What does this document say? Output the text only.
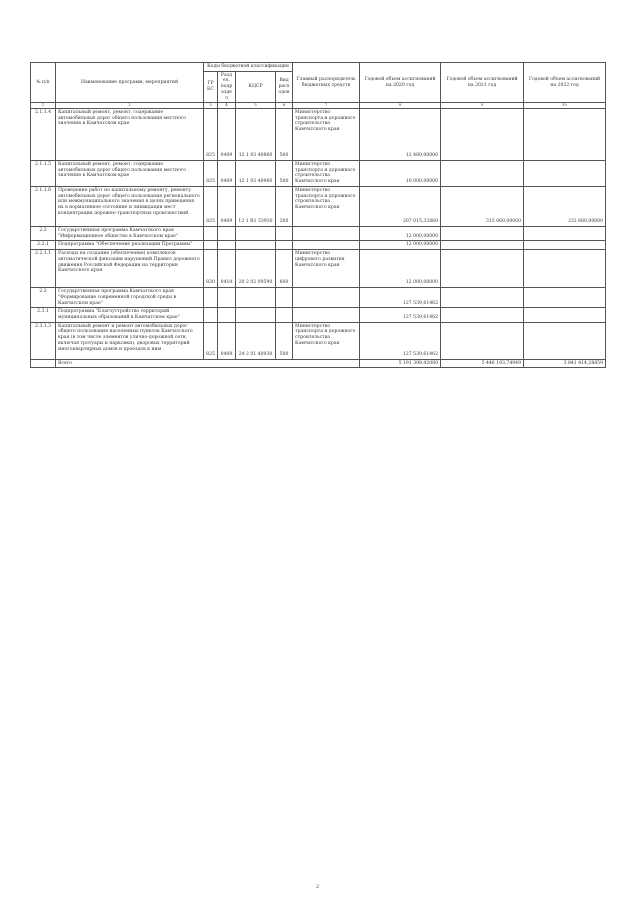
№ п/п	Наименование программ, мероприятий	Коды бюджетной классификации				Главный распорядитель бюджетных средств	Годовой объем ассигнований на 2020 год	Годовой объем ассигнований на 2021 год	Годовой объем ассигнований на 2022 год
		ГРБС	Раздел, подраздел	КЦСР	Вид расходов				
1	2	3	4	5	6	7	8	9	10
2.1.1.4	Капитальный ремонт, ремонт, содержание автомобильных дорог общего пользования местного значения в Камчатском крае	825	0409	12 1 03 40860	500	Министерство транспорта и дорожного строительства Камчатского края	12 480,00000		
2.1.1.5	Капитальный ремонт, ремонт, содержание автомобильных дорог общего пользования местного значения в Камчатском крае	825	0409	12 1 03 40960	500	Министерство транспорта и дорожного строительства Камчатского края	10 000,00000		
2.1.1.6	Проведение работ по капитальному ремонту, ремонту автомобильных дорог общего пользования регионального или межмуниципального значения в целях приведения их в нормативное состояние и ликвидации мест концентрации дорожно-транспортных происшествий	825	0409	12 1 R1 53930	200	Министерство транспорта и дорожного строительства Камчатского края	207 015,32860	315 060,00000	232 660,00000
2.2	Государственная программа Камчатского края "Информационное общество в Камчатском крае"						12 000,00000		
2.2.1	Подпрограмма "Обеспечение реализации Программы"						12 000,00000		
2.2.1.1	Расходы на создание (обеспечение) комплексов автоматической фиксации нарушений Правил дорожного движения Российской Федерации на территории Камчатского края	830	0410	20 2 02 09590	600	Министерство цифрового развития Камчатского края	12 000,00000		
2.3	Государственная программа Камчатского края "Формирование современной городской среды в Камчатском крае"						127 539,61462		
2.3.1	Подпрограмма "Благоустройство территорий муниципальных образований в Камчатском крае"						127 539,61462		
2.3.1.3	Капитальный ремонт и ремонт автомобильных дорог общего пользования населенных пунктов Камчатского края (в том числе элементов улично-дорожной сети, включая тротуары и парковки), дворовых территорий многоквартирных домов и проездов к ним	825	0409	24 2 01 40930	500	Министерство транспорта и дорожного строительства Камчатского края	127 539,61462		
	Всего						5 191 398,42080	5 446 193,74949	3 841 414,28859
·
·
·
2
